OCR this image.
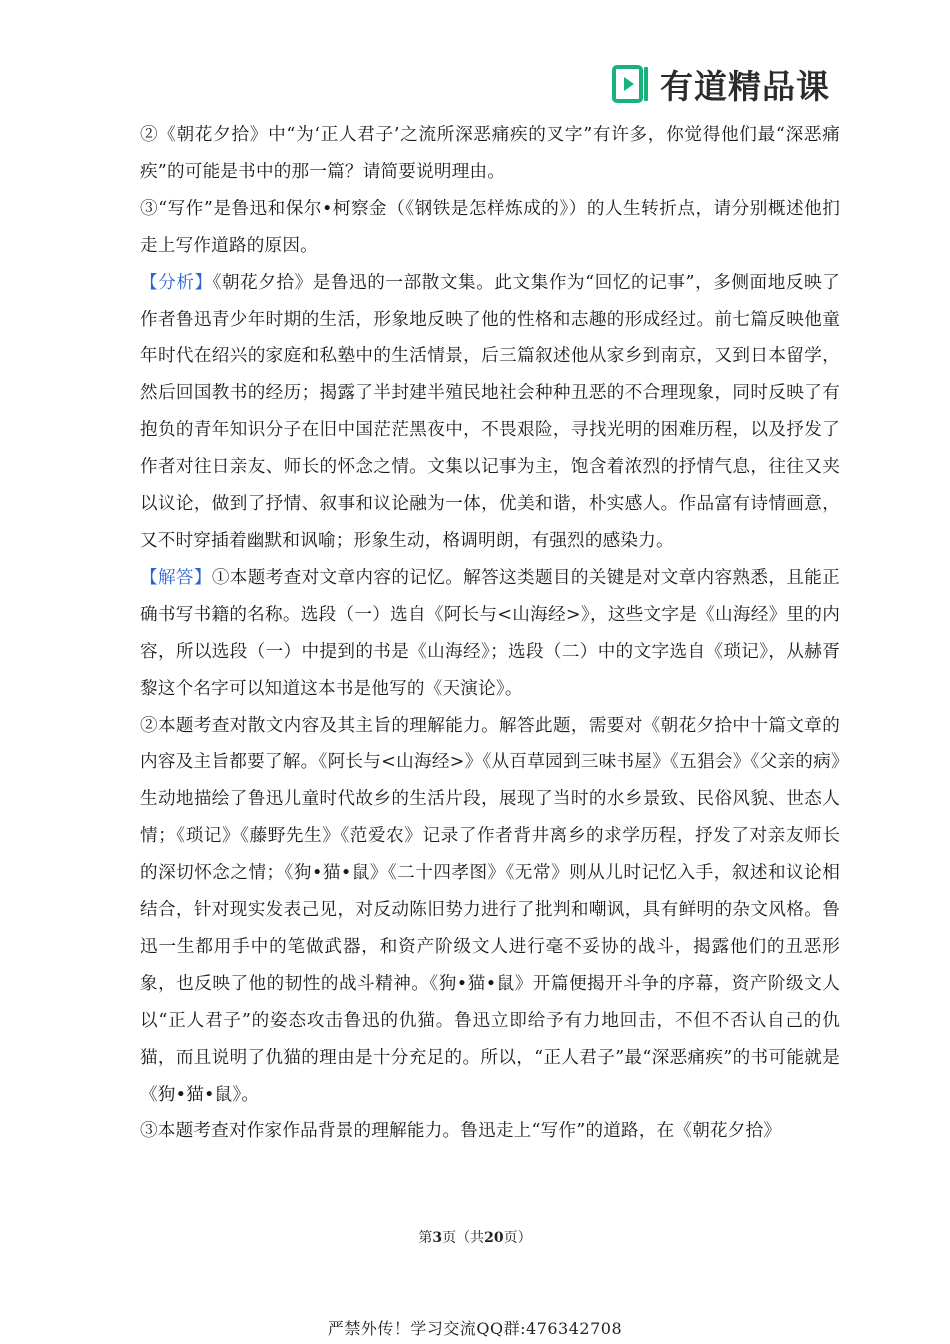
有道精品课

②《朝花夕拾》中“为‘正人君子’之流所深恶痛疾的叉字”有许多，你觉得他们最“深恶痛疾”的可能是书中的那一篇？请简要说明理由。

③“写作”是鲁迅和保尔•柯察金（《钢铁是怎样炼成的》）的人生转折点，请分别概述他扪走上写作道路的原因。

【分析】《朝花夕拾》是鲁迅的一部散文集。此文集作为“回忆的记事”，多侧面地反映了作者鲁迅青少年时期的生活，形象地反映了他的性格和志趣的形成经过。前七篇反映他童年时代在绍兴的家庭和私塾中的生活情景，后三篇叙述他从家乡到南京，又到日本留学，然后回国教书的经历；揭露了半封建半殖民地社会种种丑恶的不合理现象，同时反映了有抱负的青年知识分子在旧中国茫茫黑夜中，不畏艰险，寻找光明的困难历程，以及抒发了作者对往日亲友、师长的怀念之情。文集以记事为主，饱含着浓烈的抒情气息，往往又夹以议论，做到了抒情、叙事和议论融为一体，优美和谐，朴实感人。作品富有诗情画意，又不时穿插着幽默和讽喻；形象生动，格调明朗，有强烈的感染力。

【解答】①本题考查对文章内容的记忆。解答这类题目的关键是对文章内容熟悉，且能正确书写书籍的名称。选段（一）选自《阿长与<山海经>》，这些文字是《山海经》里的内容，所以选段（一）中提到的书是《山海经》；选段（二）中的文字选自《琐记》，从赫胥黎这个名字可以知道这本书是他写的《天演论》。

②本题考查对散文内容及其主旨的理解能力。解答此题，需要对《朝花夕拾中十篇文章的内容及主旨都要了解。《阿长与<山海经>》《从百草园到三味书屋》《五猖会》《父亲的病》生动地描绘了鲁迅儿童时代故乡的生活片段，展现了当时的水乡景致、民俗风貌、世态人情；《琐记》《藤野先生》《范爱农》记录了作者背井离乡的求学历程，抒发了对亲友师长的深切怀念之情；《狗•猫•鼠》《二十四孝图》《无常》则从儿时记忆入手，叙述和议论相结合，针对现实发表己见，对反动陈旧势力进行了批判和嘲讽，具有鲜明的杂文风格。鲁迅一生都用手中的笔做武器，和资产阶级文人进行毫不妥协的战斗，揭露他们的丑恶形象，也反映了他的韧性的战斗精神。《狗•猫•鼠》开篇便揭开斗争的序幕，资产阶级文人以“正人君子”的姿态攻击鲁迅的仇猫。鲁迅立即给予有力地回击，不但不否认自己的仇猫，而且说明了仇猫的理由是十分充足的。所以，“正人君子”最“深恶痛疾”的书可能就是《狗•猫•鼠》。

③本题考查对作家作品背景的理解能力。鲁迅走上“写作”的道路，在《朝花夕拾》

第3页（共20页）
严禁外传！学习交流QQ群:476342708
